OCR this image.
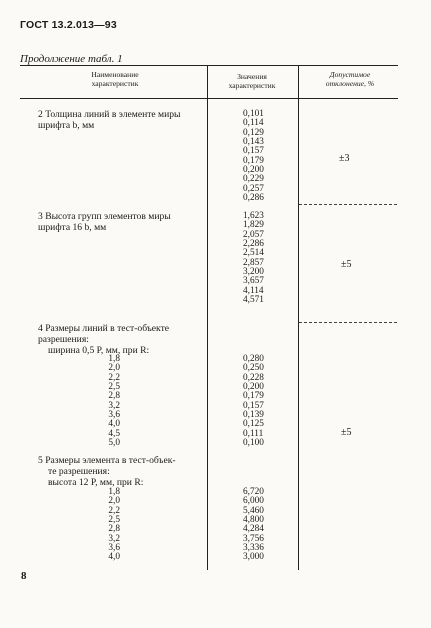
ГОСТ 13.2.013—93
Продолжение табл. 1
Наименование характеристик
Значения характеристик
Допустимое отклонение, %
2 Толщина линий в элементе миры
шрифта b, мм
0,101
0,114
0,129
0,143
0,157
0,179
0,200
0,229
0,257
0,286
±3
3 Высота групп элементов миры
шрифта 16 b, мм
1,623
1,829
2,057
2,286
2,514
2,857
3,200
3,657
4,114
4,571
±5
4 Размеры линий в тест-объекте
разрешения:
ширина 0,5 P, мм, при R:
1,8
2,0
2,2
2,5
2,8
3,2
3,6
4,0
4,5
5,0
0,280
0,250
0,228
0,200
0,179
0,157
0,139
0,125
0,111
0,100
±5
5 Размеры элемента в тест-объек-
те разрешения:
высота 12 P, мм, при R:
1,8
2,0
2,2
2,5
2,8
3,2
3,6
4,0
6,720
6,000
5,460
4,800
4,284
3,756
3,336
3,000
8
